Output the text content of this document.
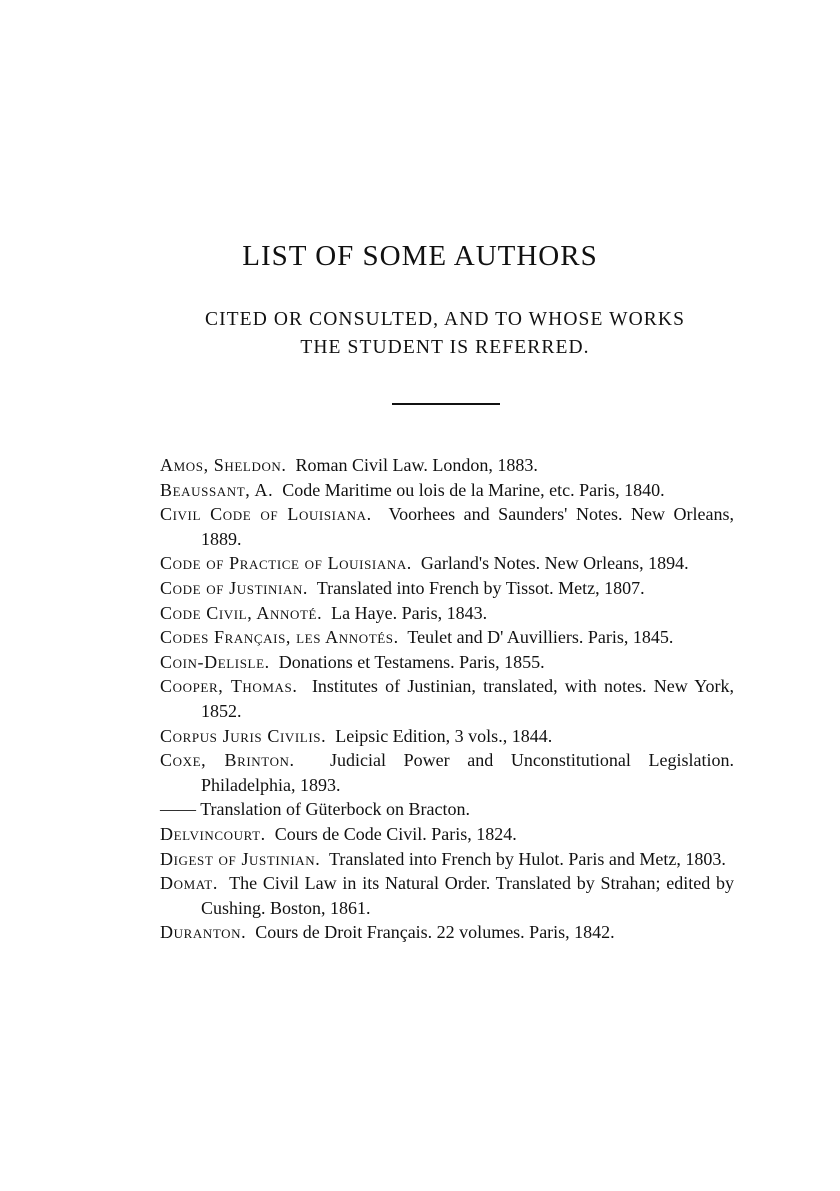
LIST OF SOME AUTHORS
CITED OR CONSULTED, AND TO WHOSE WORKS
THE STUDENT IS REFERRED.
Amos, Sheldon. Roman Civil Law. London, 1883.
Beaussant, A. Code Maritime ou lois de la Marine, etc. Paris, 1840.
Civil Code of Louisiana. Voorhees and Saunders' Notes. New Orleans, 1889.
Code of Practice of Louisiana. Garland's Notes. New Orleans, 1894.
Code of Justinian. Translated into French by Tissot. Metz, 1807.
Code Civil, Annoté. La Haye. Paris, 1843.
Codes Français, les Annotés. Teulet and D' Auvilliers. Paris, 1845.
Coin-Delisle. Donations et Testamens. Paris, 1855.
Cooper, Thomas. Institutes of Justinian, translated, with notes. New York, 1852.
Corpus Juris Civilis. Leipsic Edition, 3 vols., 1844.
Coxe, Brinton. Judicial Power and Unconstitutional Legislation. Philadelphia, 1893.
—— Translation of Güterbock on Bracton.
Delvincourt. Cours de Code Civil. Paris, 1824.
Digest of Justinian. Translated into French by Hulot. Paris and Metz, 1803.
Domat. The Civil Law in its Natural Order. Translated by Strahan; edited by Cushing. Boston, 1861.
Duranton. Cours de Droit Français. 22 volumes. Paris, 1842.
